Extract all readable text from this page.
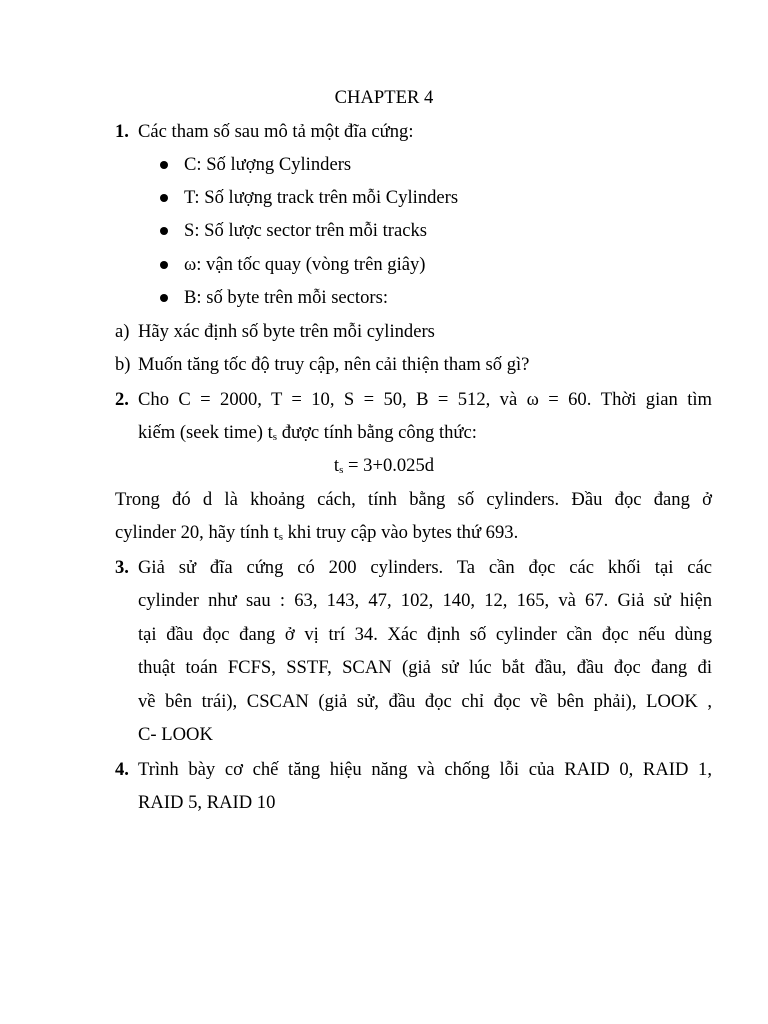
CHAPTER 4
1. Các tham số sau mô tả một đĩa cứng:
C: Số lượng Cylinders
T: Số lượng track trên mỗi Cylinders
S: Số lược sector trên mỗi tracks
ω: vận tốc quay (vòng trên giây)
B: số byte trên mỗi sectors:
a) Hãy xác định số byte trên mỗi cylinders
b) Muốn tăng tốc độ truy cập, nên cải thiện tham số gì?
2. Cho C = 2000, T = 10, S = 50, B = 512, và ω = 60. Thời gian tìm
kiếm (seek time) $t_s$ được tính bằng công thức:
$t_s = 3+0.025d$
Trong đó d là khoảng cách, tính bằng số cylinders. Đầu đọc đang ở
cylinder 20, hãy tính $t_s$ khi truy cập vào bytes thứ 693.
3. Giả sử đĩa cứng có 200 cylinders. Ta cần đọc các khối tại các
cylinder như sau : 63, 143, 47, 102, 140, 12, 165, và 67. Giả sử hiện
tại đầu đọc đang ở vị trí 34. Xác định số cylinder cần đọc nếu dùng
thuật toán FCFS, SSTF, SCAN (giả sử lúc bắt đầu, đầu đọc đang đi
về bên trái), CSCAN (giả sử, đầu đọc chỉ đọc về bên phải), LOOK ,
C- LOOK
4. Trình bày cơ chế tăng hiệu năng và chống lỗi của RAID 0, RAID 1,
RAID 5, RAID 10
